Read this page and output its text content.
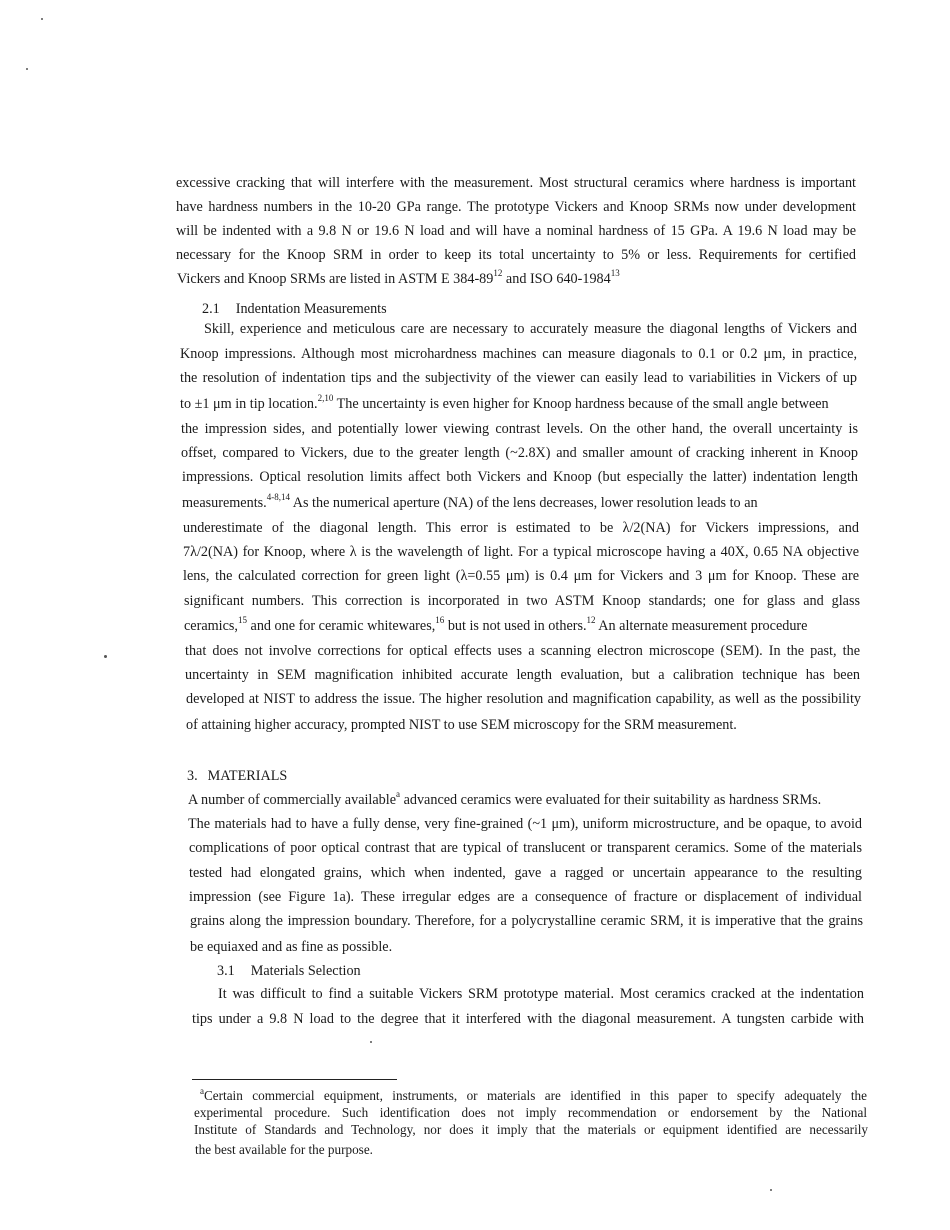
excessive cracking that will interfere with the measurement. Most structural ceramics where hardness is important
have hardness numbers in the 10-20 GPa range. The prototype Vickers and Knoop SRMs now under development
will be indented with a 9.8 N or 19.6 N load and will have a nominal hardness of 15 GPa. A 19.6 N load may be
necessary for the Knoop SRM in order to keep its total uncertainty to 5% or less. Requirements for certified
Vickers and Knoop SRMs are listed in ASTM E $384-89^{12}$ and ISO 640-1984$^{13}$
2.1 Indentation Measurements
Skill, experience and meticulous care are necessary to accurately measure the diagonal lengths of Vickers and
Knoop impressions. Although most microhardness machines can measure diagonals to 0.1 or 0.2 μm, in practice,
the resolution of indentation tips and the subjectivity of the viewer can easily lead to variabilities in Vickers of up
to ±1 μm in tip location.$^{2,10}$ The uncertainty is even higher for Knoop hardness because of the small angle between
the impression sides, and potentially lower viewing contrast levels. On the other hand, the overall uncertainty is
offset, compared to Vickers, due to the greater length (~2.8X) and smaller amount of cracking inherent in Knoop
impressions. Optical resolution limits affect both Vickers and Knoop (but especially the latter) indentation length
measurements.$^{4-8,14}$ As the numerical aperture (NA) of the lens decreases, lower resolution leads to an
underestimate of the diagonal length. This error is estimated to be λ/2(NA) for Vickers impressions, and
7λ/2(NA) for Knoop, where λ is the wavelength of light. For a typical microscope having a 40X, 0.65 NA objective
lens, the calculated correction for green light (λ=0.55 μm) is 0.4 μm for Vickers and 3 μm for Knoop. These are
significant numbers. This correction is incorporated in two ASTM Knoop standards; one for glass and glass
ceramics,$^{15}$ and one for ceramic whitewares,$^{16}$ but is not used in others.$^{12}$ An alternate measurement procedure
that does not involve corrections for optical effects uses a scanning electron microscope (SEM). In the past, the
uncertainty in SEM magnification inhibited accurate length evaluation, but a calibration technique has been
developed at NIST to address the issue. The higher resolution and magnification capability, as well as the possibility
of attaining higher accuracy, prompted NIST to use SEM microscopy for the SRM measurement.
3. MATERIALS
A number of commercially available$^a$ advanced ceramics were evaluated for their suitability as hardness SRMs.
The materials had to have a fully dense, very fine-grained (~1 μm), uniform microstructure, and be opaque, to avoid
complications of poor optical contrast that are typical of translucent or transparent ceramics. Some of the materials
tested had elongated grains, which when indented, gave a ragged or uncertain appearance to the resulting
impression (see Figure 1a). These irregular edges are a consequence of fracture or displacement of individual
grains along the impression boundary. Therefore, for a polycrystalline ceramic SRM, it is imperative that the grains
be equiaxed and as fine as possible.
3.1 Materials Selection
It was difficult to find a suitable Vickers SRM prototype material. Most ceramics cracked at the indentation
tips under a 9.8 N load to the degree that it interfered with the diagonal measurement. A tungsten carbide with
$^a$Certain commercial equipment, instruments, or materials are identified in this paper to specify adequately the
experimental procedure. Such identification does not imply recommendation or endorsement by the National
Institute of Standards and Technology, nor does it imply that the materials or equipment identified are necessarily
the best available for the purpose.
